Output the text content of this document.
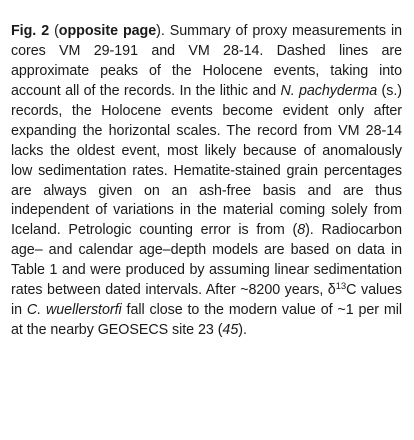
Fig. 2 (opposite page). Summary of proxy measurements in cores VM 29-191 and VM 28-14. Dashed lines are approximate peaks of the Holocene events, taking into account all of the records. In the lithic and N. pachyderma (s.) records, the Holocene events become evident only after expanding the horizontal scales. The record from VM 28-14 lacks the oldest event, most likely because of anomalously low sedimentation rates. Hematite-stained grain percentages are always given on an ash-free basis and are thus independent of variations in the material coming solely from Iceland. Petrologic counting error is from (8). Radiocarbon age– and calendar age–depth models are based on data in Table 1 and were produced by assuming linear sedimentation rates between dated intervals. After ~8200 years, $\delta^{13}C$ values in C. wuellerstorfi fall close to the modern value of ~1 per mil at the nearby GEOSECS site 23 (45).
